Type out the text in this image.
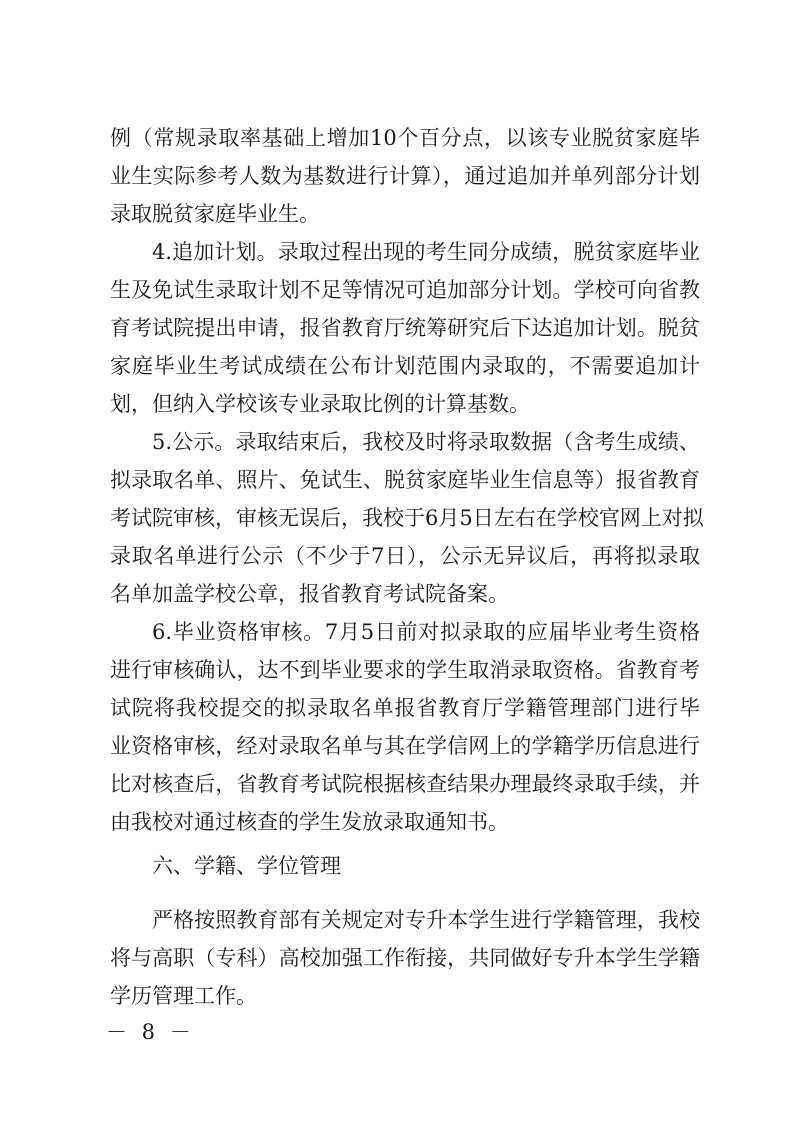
例（常规录取率基础上增加10个百分点，以该专业脱贫家庭毕
业生实际参考人数为基数进行计算），通过追加并单列部分计划
录取脱贫家庭毕业生。
4.追加计划。录取过程出现的考生同分成绩，脱贫家庭毕业
生及免试生录取计划不足等情况可追加部分计划。学校可向省教
育考试院提出申请，报省教育厅统筹研究后下达追加计划。脱贫
家庭毕业生考试成绩在公布计划范围内录取的，不需要追加计
划，但纳入学校该专业录取比例的计算基数。
5.公示。录取结束后，我校及时将录取数据（含考生成绩、
拟录取名单、照片、免试生、脱贫家庭毕业生信息等）报省教育
考试院审核，审核无误后，我校于6月5日左右在学校官网上对拟
录取名单进行公示（不少于7日），公示无异议后，再将拟录取
名单加盖学校公章，报省教育考试院备案。
6.毕业资格审核。7月5日前对拟录取的应届毕业考生资格
进行审核确认，达不到毕业要求的学生取消录取资格。省教育考
试院将我校提交的拟录取名单报省教育厅学籍管理部门进行毕
业资格审核，经对录取名单与其在学信网上的学籍学历信息进行
比对核查后，省教育考试院根据核查结果办理最终录取手续，并
由我校对通过核查的学生发放录取通知书。
六、学籍、学位管理
严格按照教育部有关规定对专升本学生进行学籍管理，我校
将与高职（专科）高校加强工作衔接，共同做好专升本学生学籍
学历管理工作。
－ 8 －
